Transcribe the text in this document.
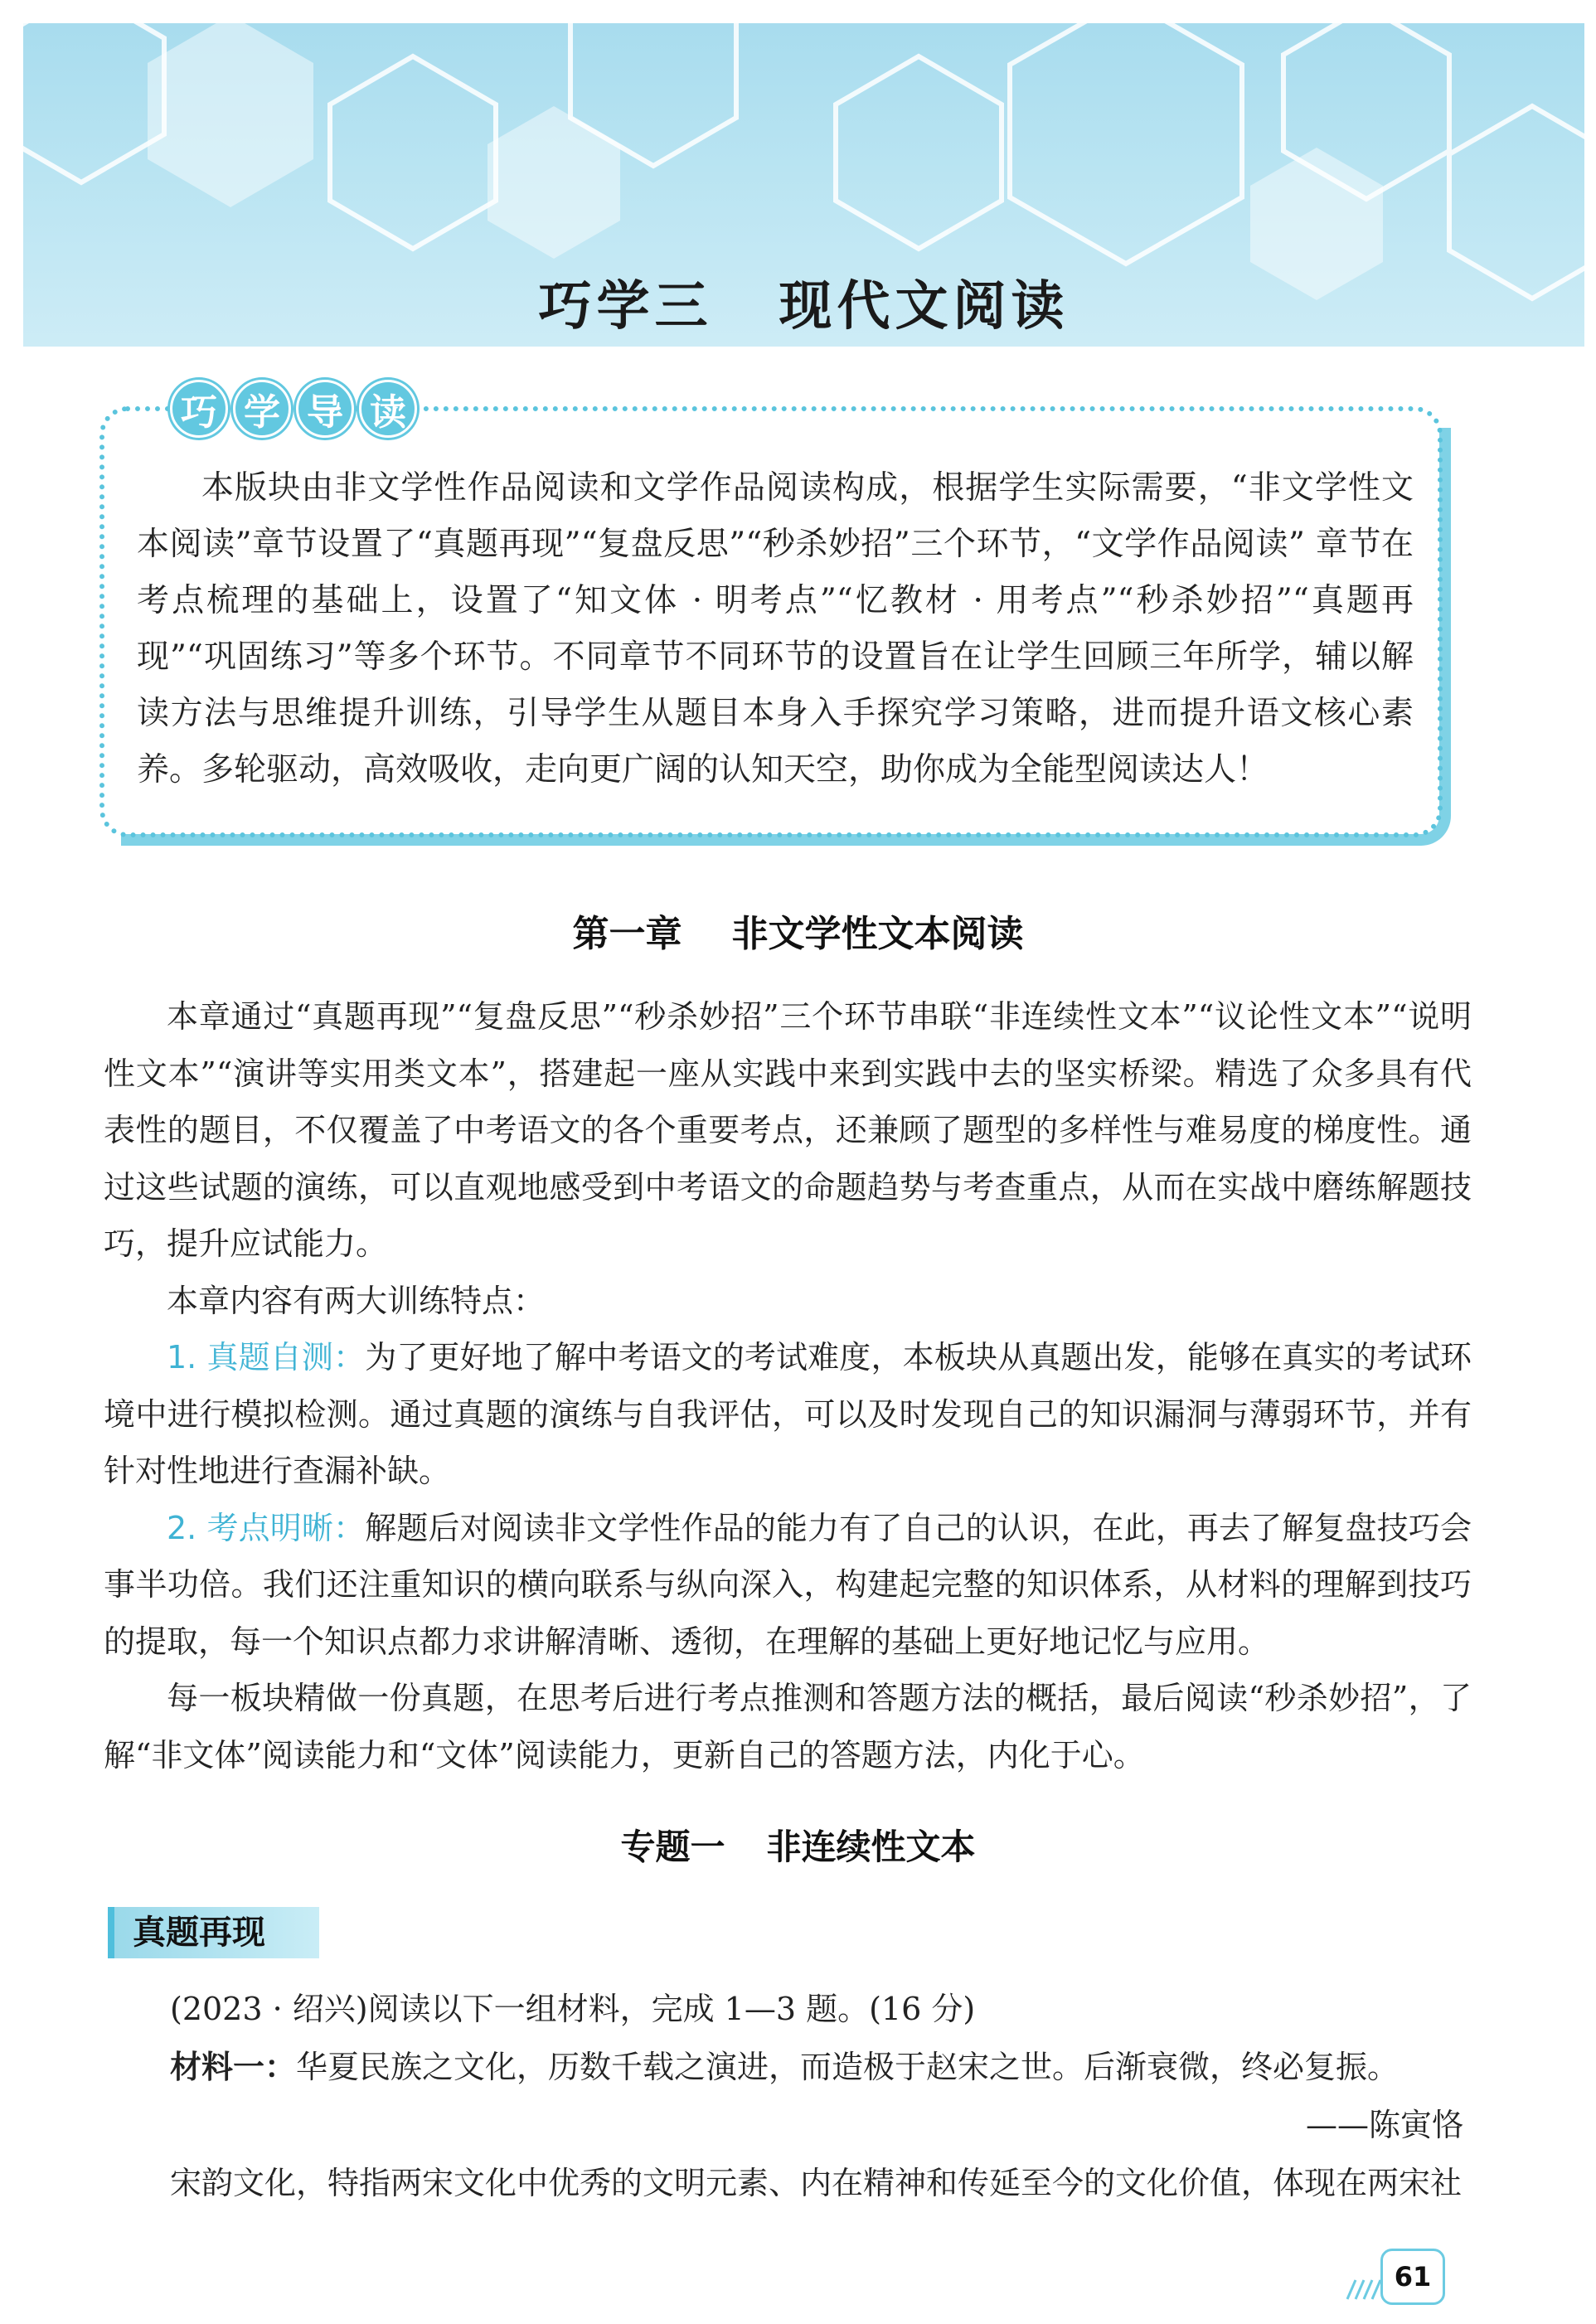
巧学三 现代文阅读
巧 学 导 读

本版块由非文学性作品阅读和文学作品阅读构成，根据学生实际需要，“非文学性文本阅读”章节设置了“真题再现”“复盘反思”“秒杀妙招”三个环节，“文学作品阅读” 章节在考点梳理的基础上，设置了“知文体 · 明考点”“忆教材 · 用考点”“秒杀妙招”“真题再现”“巩固练习”等多个环节。不同章节不同环节的设置旨在让学生回顾三年所学，辅以解读方法与思维提升训练，引导学生从题目本身入手探究学习策略，进而提升语文核心素养。多轮驱动，高效吸收，走向更广阔的认知天空，助你成为全能型阅读达人！

第一章 非文学性文本阅读

本章通过“真题再现”“复盘反思”“秒杀妙招”三个环节串联“非连续性文本”“议论性文本”“说明性文本”“演讲等实用类文本”，搭建起一座从实践中来到实践中去的坚实桥梁。精选了众多具有代表性的题目，不仅覆盖了中考语文的各个重要考点，还兼顾了题型的多样性与难易度的梯度性。通过这些试题的演练，可以直观地感受到中考语文的命题趋势与考查重点，从而在实战中磨练解题技巧，提升应试能力。

本章内容有两大训练特点：

1. 真题自测：为了更好地了解中考语文的考试难度，本板块从真题出发，能够在真实的考试环境中进行模拟检测。通过真题的演练与自我评估，可以及时发现自己的知识漏洞与薄弱环节，并有针对性地进行查漏补缺。

2. 考点明晰：解题后对阅读非文学性作品的能力有了自己的认识，在此，再去了解复盘技巧会事半功倍。我们还注重知识的横向联系与纵向深入，构建起完整的知识体系，从材料的理解到技巧的提取，每一个知识点都力求讲解清晰、透彻，在理解的基础上更好地记忆与应用。

每一板块精做一份真题，在思考后进行考点推测和答题方法的概括，最后阅读“秒杀妙招”，了解“非文体”阅读能力和“文体”阅读能力，更新自己的答题方法，内化于心。

专题一 非连续性文本
真题再现
(2023 · 绍兴)阅读以下一组材料，完成 1—3 题。(16 分)
材料一：华夏民族之文化，历数千载之演进，而造极于赵宋之世。后渐衰微，终必复振。
——陈寅恪
宋韵文化，特指两宋文化中优秀的文明元素、内在精神和传延至今的文化价值，体现在两宋社
61
